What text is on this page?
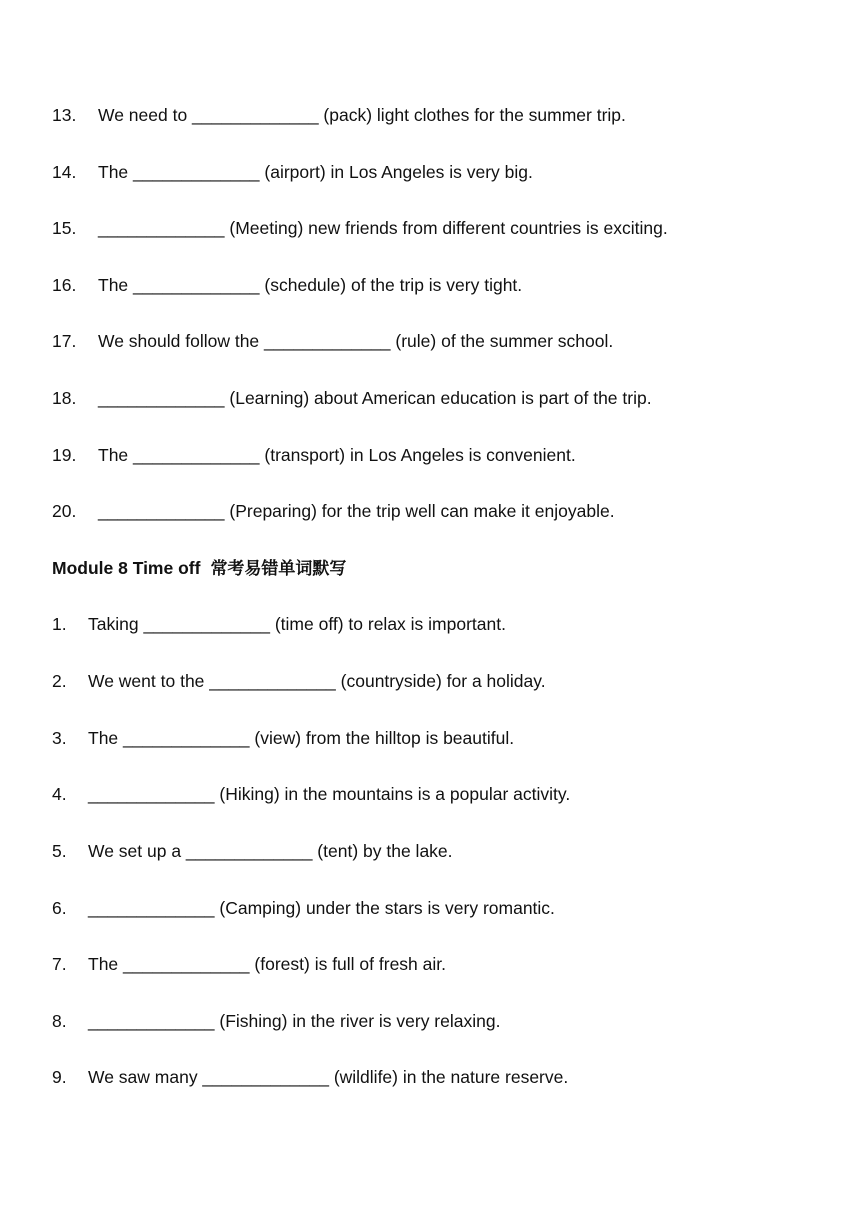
13. We need to _____________ (pack) light clothes for the summer trip.
14. The _____________ (airport) in Los Angeles is very big.
15. _____________ (Meeting) new friends from different countries is exciting.
16. The _____________ (schedule) of the trip is very tight.
17. We should follow the _____________ (rule) of the summer school.
18. _____________ (Learning) about American education is part of the trip.
19. The _____________ (transport) in Los Angeles is convenient.
20. _____________ (Preparing) for the trip well can make it enjoyable.
Module 8 Time off 常考易错单词默写
1. Taking _____________ (time off) to relax is important.
2. We went to the _____________ (countryside) for a holiday.
3. The _____________ (view) from the hilltop is beautiful.
4. _____________ (Hiking) in the mountains is a popular activity.
5. We set up a _____________ (tent) by the lake.
6. _____________ (Camping) under the stars is very romantic.
7. The _____________ (forest) is full of fresh air.
8. _____________ (Fishing) in the river is very relaxing.
9. We saw many _____________ (wildlife) in the nature reserve.
